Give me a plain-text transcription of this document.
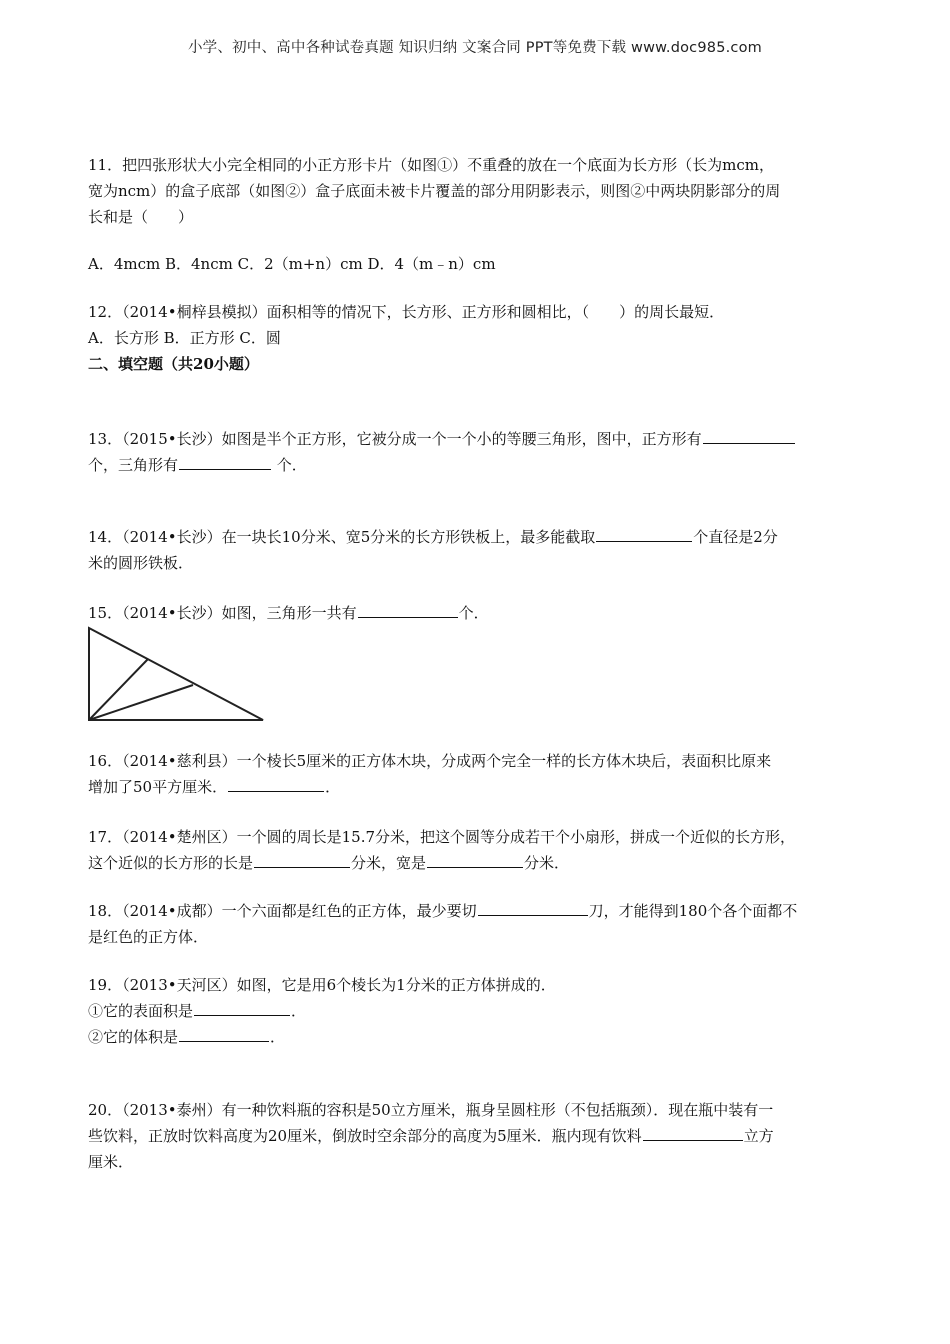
小学、初中、高中各种试卷真题 知识归纳 文案合同 PPT等免费下载 www.doc985.com

11．把四张形状大小完全相同的小正方形卡片（如图①）不重叠的放在一个底面为长方形（长为mcm，

宽为ncm）的盒子底部（如图②）盒子底面未被卡片覆盖的部分用阴影表示，则图②中两块阴影部分的周

长和是（　　）

A．4mcm B．4ncm C．2（m+n）cm D．4（m﹣n）cm

12．（2014•桐梓县模拟）面积相等的情况下，长方形、正方形和圆相比，（　　）的周长最短．

A．长方形 B．正方形 C．圆

二、填空题（共20小题）

13．（2015•长沙）如图是半个正方形，它被分成一个一个小的等腰三角形，图中，正方形有

个，三角形有	个．

14．（2014•长沙）在一块长10分米、宽5分米的长方形铁板上，最多能截取	个直径是2分

米的圆形铁板．

15．（2014•长沙）如图，三角形一共有	个．

16．（2014•慈利县）一个棱长5厘米的正方体木块，分成两个完全一样的长方体木块后，表面积比原来

增加了50平方厘米．	．

17．（2014•楚州区）一个圆的周长是15.7分米，把这个圆等分成若干个小扇形，拼成一个近似的长方形，

这个近似的长方形的长是	分米，宽是	分米．

18．（2014•成都）一个六面都是红色的正方体，最少要切	刀，才能得到180个各个面都不

是红色的正方体．

19．（2013•天河区）如图，它是用6个棱长为1分米的正方体拼成的．

①它的表面积是	．

②它的体积是	．

20．（2013•泰州）有一种饮料瓶的容积是50立方厘米，瓶身呈圆柱形（不包括瓶颈）．现在瓶中装有一

些饮料，正放时饮料高度为20厘米，倒放时空余部分的高度为5厘米．瓶内现有饮料	立方

厘米．
